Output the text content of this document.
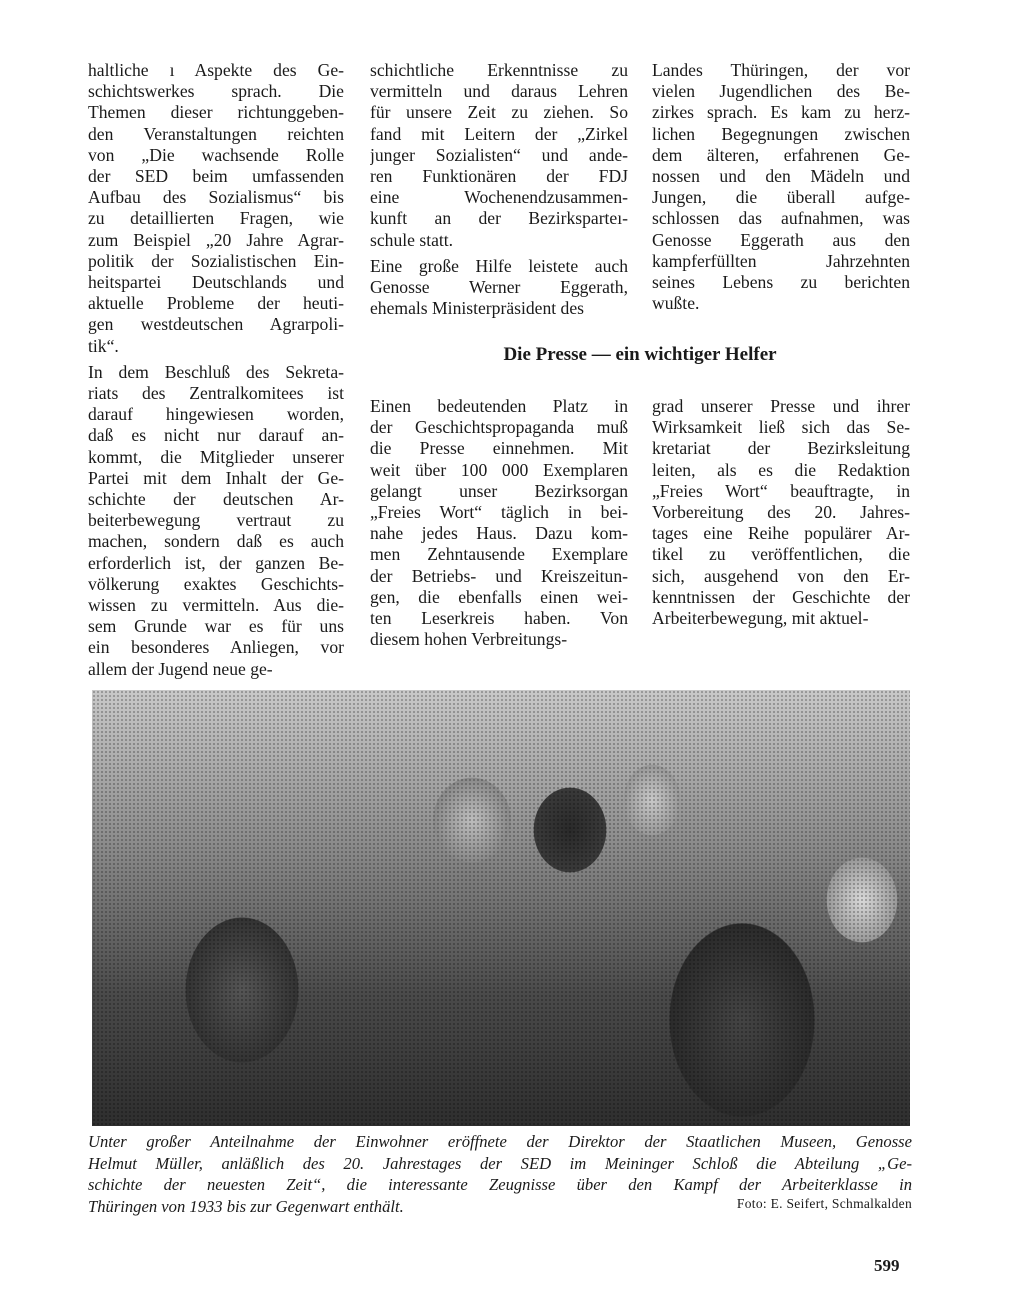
haltliche ı Aspekte des Ge-
schichtswerkes sprach. Die
Themen dieser richtunggeben-
den Veranstaltungen reichten
von „Die wachsende Rolle
der SED beim umfassenden
Aufbau des Sozialismus“ bis
zu detaillierten Fragen, wie
zum Beispiel „20 Jahre Agrar-
politik der Sozialistischen Ein-
heitspartei Deutschlands und
aktuelle Probleme der heuti-
gen westdeutschen Agrarpoli-
tik“.

In dem Beschluß des Sekreta-
riats des Zentralkomitees ist
darauf hingewiesen worden,
daß es nicht nur darauf an-
kommt, die Mitglieder unserer
Partei mit dem Inhalt der Ge-
schichte der deutschen Ar-
beiterbewegung vertraut zu
machen, sondern daß es auch
erforderlich ist, der ganzen Be-
völkerung exaktes Geschichts-
wissen zu vermitteln. Aus die-
sem Grunde war es für uns
ein besonderes Anliegen, vor
allem der Jugend neue ge-

schichtliche Erkenntnisse zu
vermitteln und daraus Lehren
für unsere Zeit zu ziehen. So
fand mit Leitern der „Zirkel
junger Sozialisten“ und ande-
ren Funktionären der FDJ
eine Wochenendzusammen-
kunft an der Bezirksparteı-
schule statt.

Eine große Hilfe leistete auch
Genosse Werner Eggerath,
ehemals Ministerpräsident des

Landes Thüringen, der vor
vielen Jugendlichen des Be-
zirkes sprach. Es kam zu herz-
lichen Begegnungen zwischen
dem älteren, erfahrenen Ge-
nossen und den Mädeln und
Jungen, die überall aufge-
schlossen das aufnahmen, was
Genosse Eggerath aus den
kampferfüllten Jahrzehnten
seines Lebens zu berichten
wußte.

Die Presse — ein wichtiger Helfer

Einen bedeutenden Platz in
der Geschichtspropaganda muß
die Presse einnehmen. Mit
weit über 100 000 Exemplaren
gelangt unser Bezirksorgan
„Freies Wort“ täglich in bei-
nahe jedes Haus. Dazu kom-
men Zehntausende Exemplare
der Betriebs- und Kreiszeitun-
gen, die ebenfalls einen wei-
ten Leserkreis haben. Von
diesem hohen Verbreitungs-

grad unserer Presse und ihrer
Wirksamkeit ließ sich das Se-
kretariat der Bezirksleitung
leiten, als es die Redaktion
„Freies Wort“ beauftragte, in
Vorbereitung des 20. Jahres-
tages eine Reihe populärer Ar-
tikel zu veröffentlichen, die
sich, ausgehend von den Er-
kenntnissen der Geschichte der
Arbeiterbewegung, mit aktuel-

Unter großer Anteilnahme der Einwohner eröffnete der Direktor der Staatlichen Museen, Genosse
Helmut Müller, anläßlich des 20. Jahrestages der SED im Meininger Schloß die Abteilung „Ge-
schichte der neuesten Zeit“, die interessante Zeugnisse über den Kampf der Arbeiterklasse in
Thüringen von 1933 bis zur Gegenwart enthält.	Foto: E. Seifert, Schmalkalden
599
